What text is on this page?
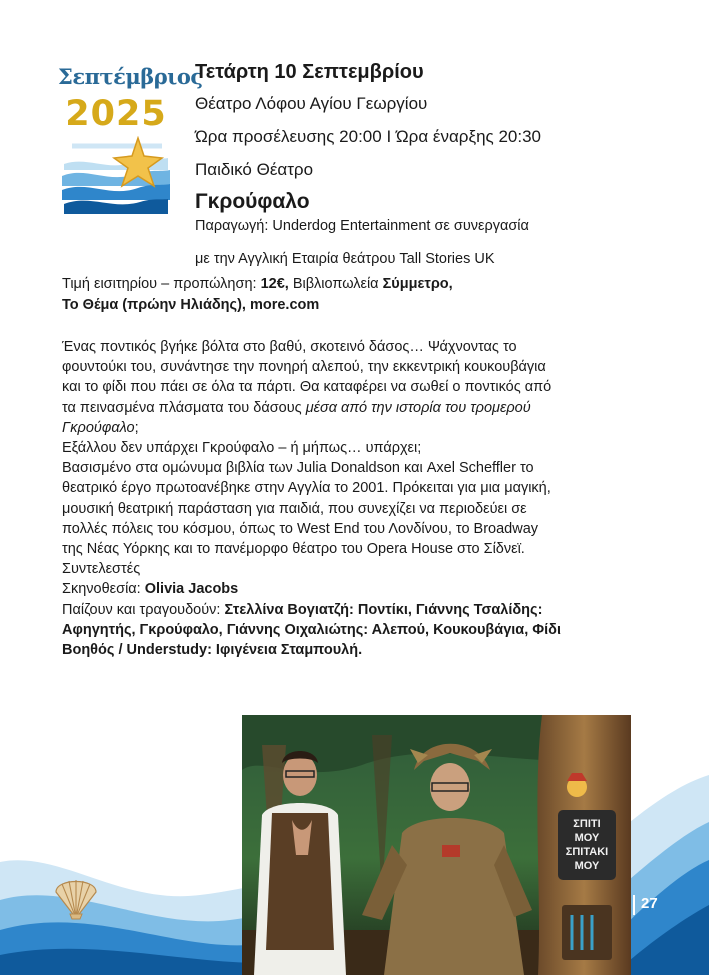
Σεπτέμβριος
2025

Τετάρτη 10 Σεπτεμβρίου

Θέατρο Λόφου Αγίου Γεωργίου

Ώρα προσέλευσης 20:00 Ι Ώρα έναρξης 20:30

Παιδικό Θέατρο

Γκρούφαλο

Παραγωγή: Underdog Entertainment σε συνεργασία

με την Αγγλική Εταιρία θεάτρου Tall Stories UK

Τιμή εισιτηρίου – προπώληση: 12€, Βιβλιοπωλεία Σύμμετρο,
Το Θέμα (πρώην Ηλιάδης), more.com

Ένας ποντικός βγήκε βόλτα στο βαθύ, σκοτεινό δάσος… Ψάχνοντας το

φουντούκι του, συνάντησε την πονηρή αλεπού, την εκκεντρική κουκουβάγια

και το φίδι που πάει σε όλα τα πάρτι. Θα καταφέρει να σωθεί ο ποντικός από

τα πεινασμένα πλάσματα του δάσους μέσα από την ιστορία του τρομερού

Γκρούφαλο;

Εξάλλου δεν υπάρχει Γκρούφαλο – ή μήπως… υπάρχει;

Βασισμένο στα ομώνυμα βιβλία των Julia Donaldson και Axel Scheffler το

θεατρικό έργο πρωτοανέβηκε στην Αγγλία το 2001. Πρόκειται για μια μαγική,

μουσική θεατρική παράσταση για παιδιά, που συνεχίζει να περιοδεύει σε

πολλές πόλεις του κόσμου, όπως το West End του Λονδίνου, το Broadway

της Νέας Υόρκης και το πανέμορφο θέατρο του Opera House στο Σίδνεϊ.

Συντελεστές

Σκηνοθεσία: Olivia Jacobs

Παίζουν και τραγουδούν: Στελλίνα Βογιατζή: Ποντίκι, Γιάννης Τσαλίδης:

Αφηγητής, Γκρούφαλο, Γιάννης Οιχαλιώτης: Αλεπού, Κουκουβάγια, Φίδι

Βοηθός / Understudy: Ιφιγένεια Σταμπουλή.

ΣΠΙΤΙ
ΜΟΥ
ΣΠΙΤΑΚΙ
ΜΟΥ
27
